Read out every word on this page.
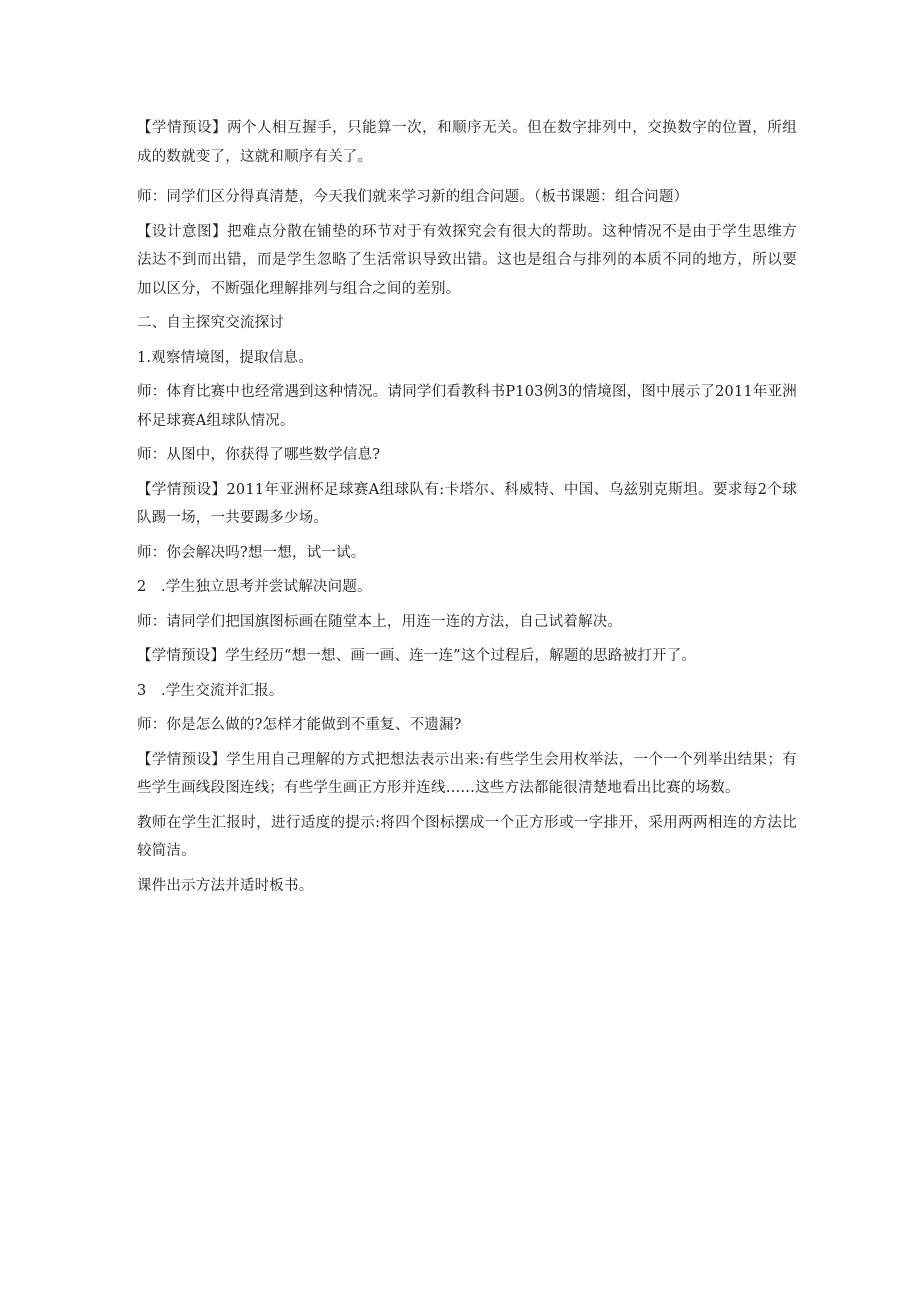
【学情预设】两个人相互握手，只能算一次，和顺序无关。但在数字排列中，交换数字的位置，所组成的数就变了，这就和顺序有关了。

师：同学们区分得真清楚，今天我们就来学习新的组合问题。（板书课题：组合问题）

【设计意图】把难点分散在铺垫的环节对于有效探究会有很大的帮助。这种情况不是由于学生思维方法达不到而出错，而是学生忽略了生活常识导致出错。这也是组合与排列的本质不同的地方，所以要加以区分，不断强化理解排列与组合之间的差别。

二、自主探究交流探讨

1.观察情境图，提取信息。

师：体育比赛中也经常遇到这种情况。请同学们看教科书P103例3的情境图，图中展示了2011年亚洲杯足球赛A组球队情况。

师：从图中，你获得了哪些数学信息?

【学情预设】2011年亚洲杯足球赛A组球队有:卡塔尔、科威特、中国、乌兹别克斯坦。要求每2个球队踢一场，一共要踢多少场。

师：你会解决吗?想一想，试一试。

2 .学生独立思考并尝试解决问题。

师：请同学们把国旗图标画在随堂本上，用连一连的方法，自己试着解决。

【学情预设】学生经历“想一想、画一画、连一连”这个过程后，解题的思路被打开了。

3 .学生交流并汇报。

师：你是怎么做的?怎样才能做到不重复、不遗漏?

【学情预设】学生用自己理解的方式把想法表示出来:有些学生会用枚举法，一个一个列举出结果；有些学生画线段图连线；有些学生画正方形并连线……这些方法都能很清楚地看出比赛的场数。

教师在学生汇报时，进行适度的提示:将四个图标摆成一个正方形或一字排开，采用两两相连的方法比较简洁。

课件出示方法并适时板书。
